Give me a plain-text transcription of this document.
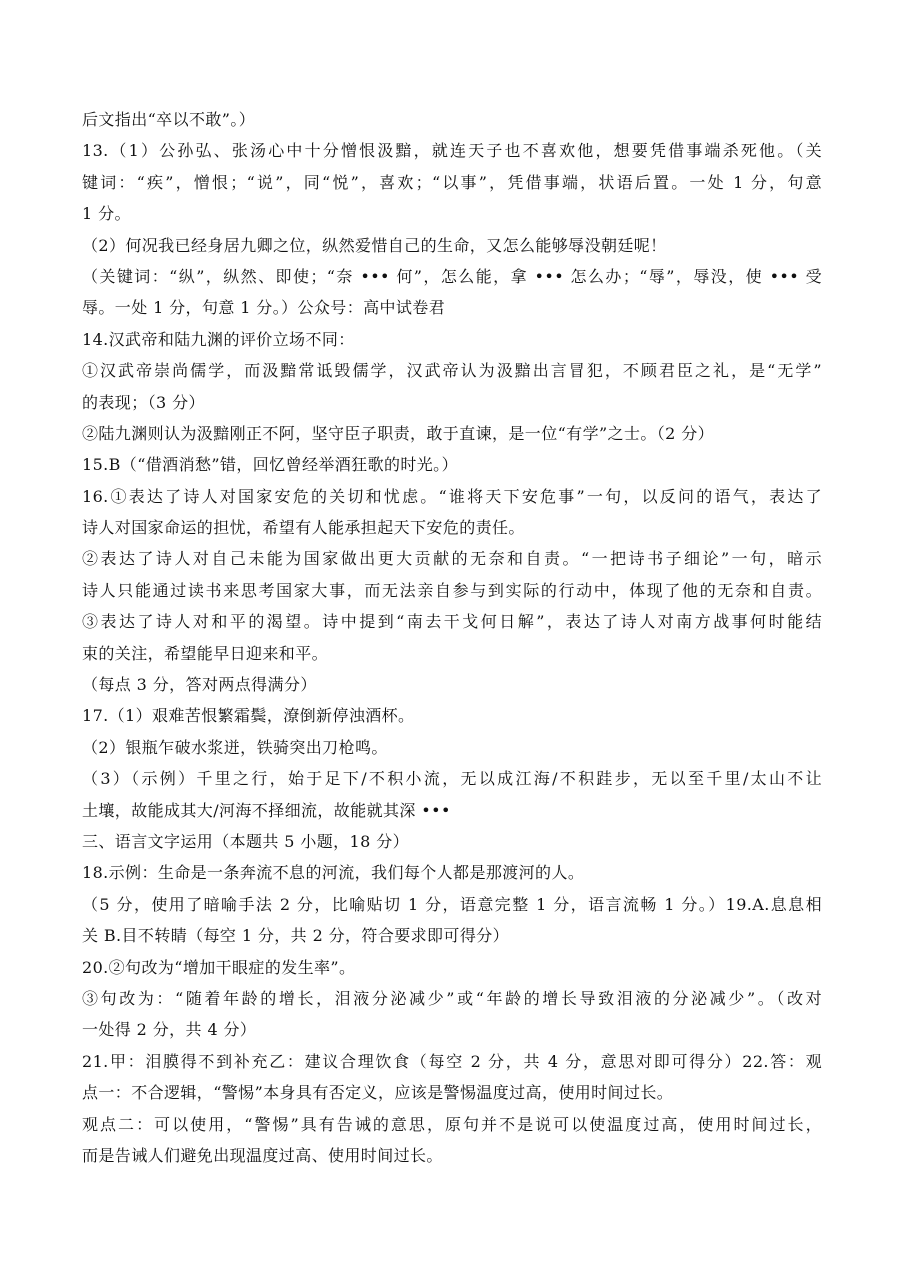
后文指出“卒以不敢”。）
13.（1）公孙弘、张汤心中十分憎恨汲黯，就连天子也不喜欢他，想要凭借事端杀死他。（关
键词：“疾”，憎恨；“说”，同“悦”，喜欢；“以事”，凭借事端，状语后置。一处 1 分，句意
1 分。
（2）何况我已经身居九卿之位，纵然爱惜自己的生命，又怎么能够辱没朝廷呢！
（关键词：“纵”，纵然、即使；“奈 ••• 何”，怎么能，拿 ••• 怎么办；“辱”，辱没，使 ••• 受
辱。一处 1 分，句意 1 分。）公众号：高中试卷君
14.汉武帝和陆九渊的评价立场不同：
①汉武帝崇尚儒学，而汲黯常诋毁儒学，汉武帝认为汲黯出言冒犯，不顾君臣之礼，是“无学”
的表现；（3 分）
②陆九渊则认为汲黯刚正不阿，坚守臣子职责，敢于直谏，是一位“有学”之士。（2 分）
15.B（“借酒消愁”错，回忆曾经举酒狂歌的时光。）
16.①表达了诗人对国家安危的关切和忧虑。“谁将天下安危事”一句，以反问的语气，表达了
诗人对国家命运的担忧，希望有人能承担起天下安危的责任。
②表达了诗人对自己未能为国家做出更大贡献的无奈和自责。“一把诗书子细论”一句，暗示
诗人只能通过读书来思考国家大事，而无法亲自参与到实际的行动中，体现了他的无奈和自责。
③表达了诗人对和平的渴望。诗中提到“南去干戈何日解”，表达了诗人对南方战事何时能结
束的关注，希望能早日迎来和平。
（每点 3 分，答对两点得满分）
17.（1）艰难苦恨繁霜鬓，潦倒新停浊酒杯。
（2）银瓶乍破水浆迸，铁骑突出刀枪鸣。
（3）（示例）千里之行，始于足下/不积小流，无以成江海/不积跬步，无以至千里/太山不让
土壤，故能成其大/河海不择细流，故能就其深 •••
三、语言文字运用（本题共 5 小题，18 分）
18.示例：生命是一条奔流不息的河流，我们每个人都是那渡河的人。
（5 分，使用了暗喻手法 2 分，比喻贴切 1 分，语意完整 1 分，语言流畅 1 分。）19.A.息息相
关 B.目不转睛（每空 1 分，共 2 分，符合要求即可得分）
20.②句改为“增加干眼症的发生率”。
③句改为：“随着年龄的增长，泪液分泌减少”或“年龄的增长导致泪液的分泌减少”。（改对
一处得 2 分，共 4 分）
21.甲：泪膜得不到补充乙：建议合理饮食（每空 2 分，共 4 分，意思对即可得分）22.答：观
点一：不合逻辑，“警惕”本身具有否定义，应该是警惕温度过高，使用时间过长。
观点二：可以使用，“警惕”具有告诫的意思，原句并不是说可以使温度过高，使用时间过长，
而是告诫人们避免出现温度过高、使用时间过长。
